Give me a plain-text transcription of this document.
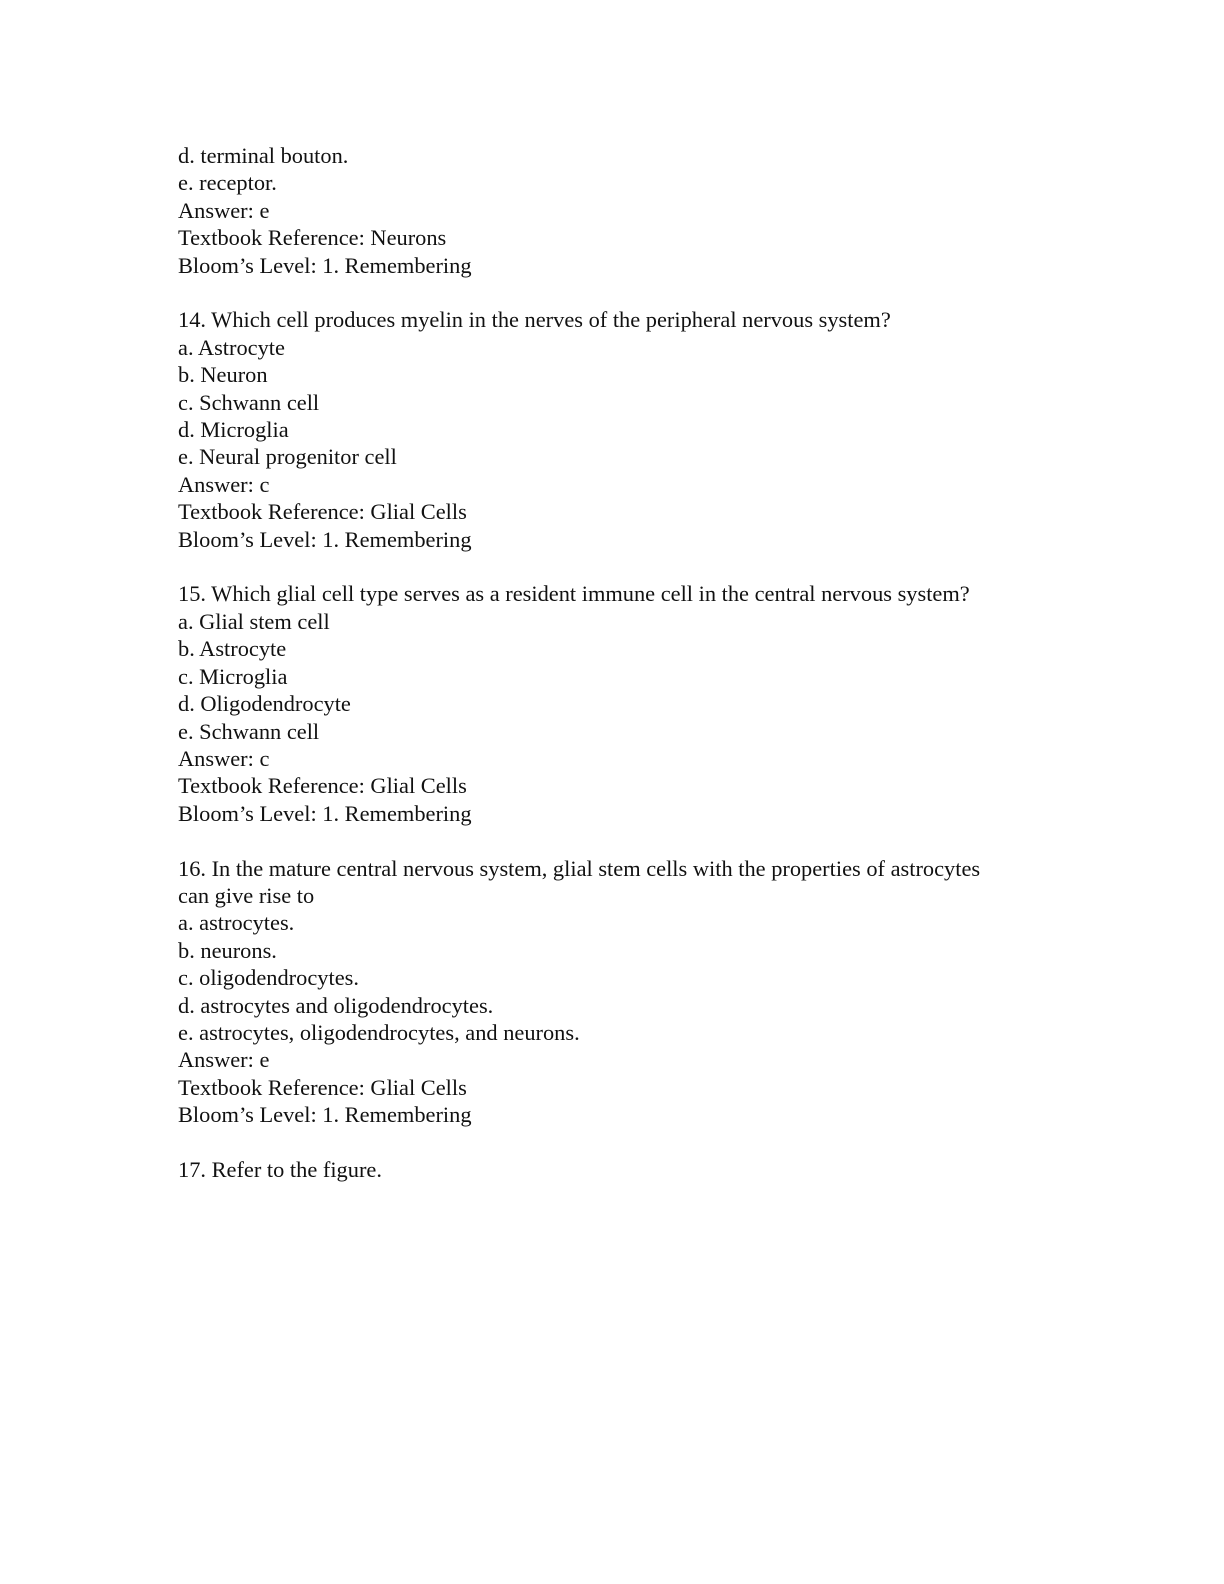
d. terminal bouton.
e. receptor.
Answer: e
Textbook Reference: Neurons
Bloom’s Level: 1. Remembering
14. Which cell produces myelin in the nerves of the peripheral nervous system?
a. Astrocyte
b. Neuron
c. Schwann cell
d. Microglia
e. Neural progenitor cell
Answer: c
Textbook Reference: Glial Cells
Bloom’s Level: 1. Remembering
15. Which glial cell type serves as a resident immune cell in the central nervous system?
a. Glial stem cell
b. Astrocyte
c. Microglia
d. Oligodendrocyte
e. Schwann cell
Answer: c
Textbook Reference: Glial Cells
Bloom’s Level: 1. Remembering
16. In the mature central nervous system, glial stem cells with the properties of astrocytes
can give rise to
a. astrocytes.
b. neurons.
c. oligodendrocytes.
d. astrocytes and oligodendrocytes.
e. astrocytes, oligodendrocytes, and neurons.
Answer: e
Textbook Reference: Glial Cells
Bloom’s Level: 1. Remembering
17. Refer to the figure.
